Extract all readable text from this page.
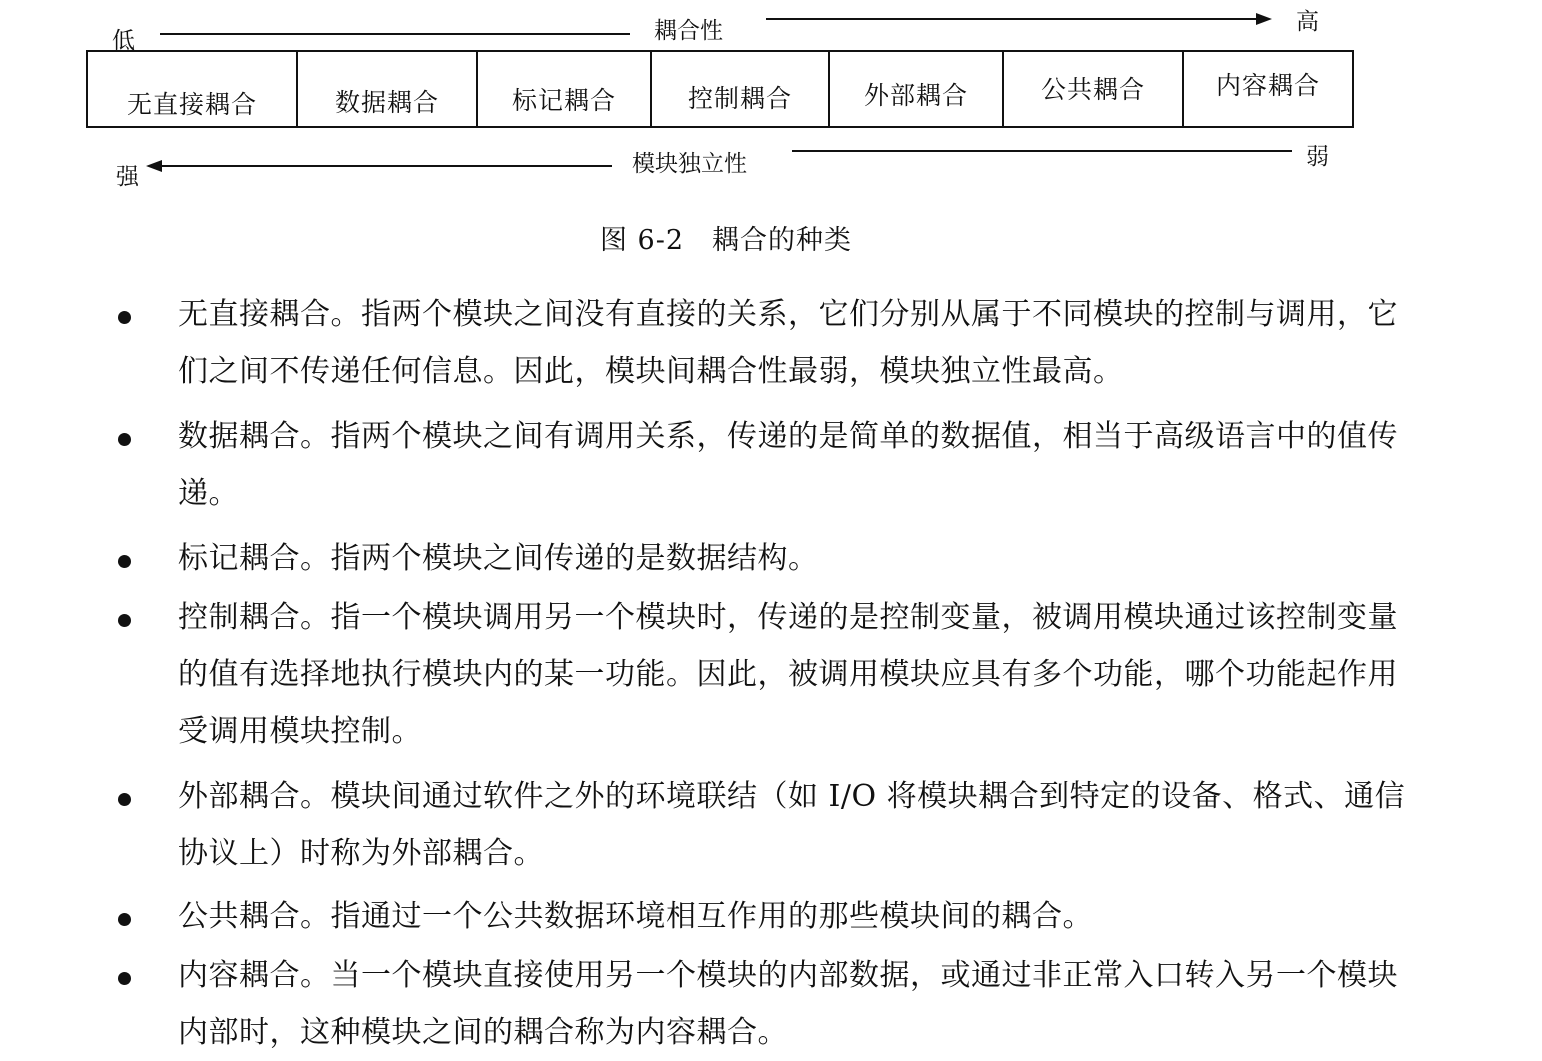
低	耦合性	高
无直接耦合	数据耦合	标记耦合	控制耦合	外部耦合	公共耦合	内容耦合
强	模块独立性	弱
图 6-2　耦合的种类
无直接耦合。指两个模块之间没有直接的关系，它们分别从属于不同模块的控制与调用，它们之间不传递任何信息。因此，模块间耦合性最弱，模块独立性最高。
数据耦合。指两个模块之间有调用关系，传递的是简单的数据值，相当于高级语言中的值传递。
标记耦合。指两个模块之间传递的是数据结构。
控制耦合。指一个模块调用另一个模块时，传递的是控制变量，被调用模块通过该控制变量的值有选择地执行模块内的某一功能。因此，被调用模块应具有多个功能，哪个功能起作用受调用模块控制。
外部耦合。模块间通过软件之外的环境联结（如 I/O 将模块耦合到特定的设备、格式、通信协议上）时称为外部耦合。
公共耦合。指通过一个公共数据环境相互作用的那些模块间的耦合。
内容耦合。当一个模块直接使用另一个模块的内部数据，或通过非正常入口转入另一个模块内部时，这种模块之间的耦合称为内容耦合。
